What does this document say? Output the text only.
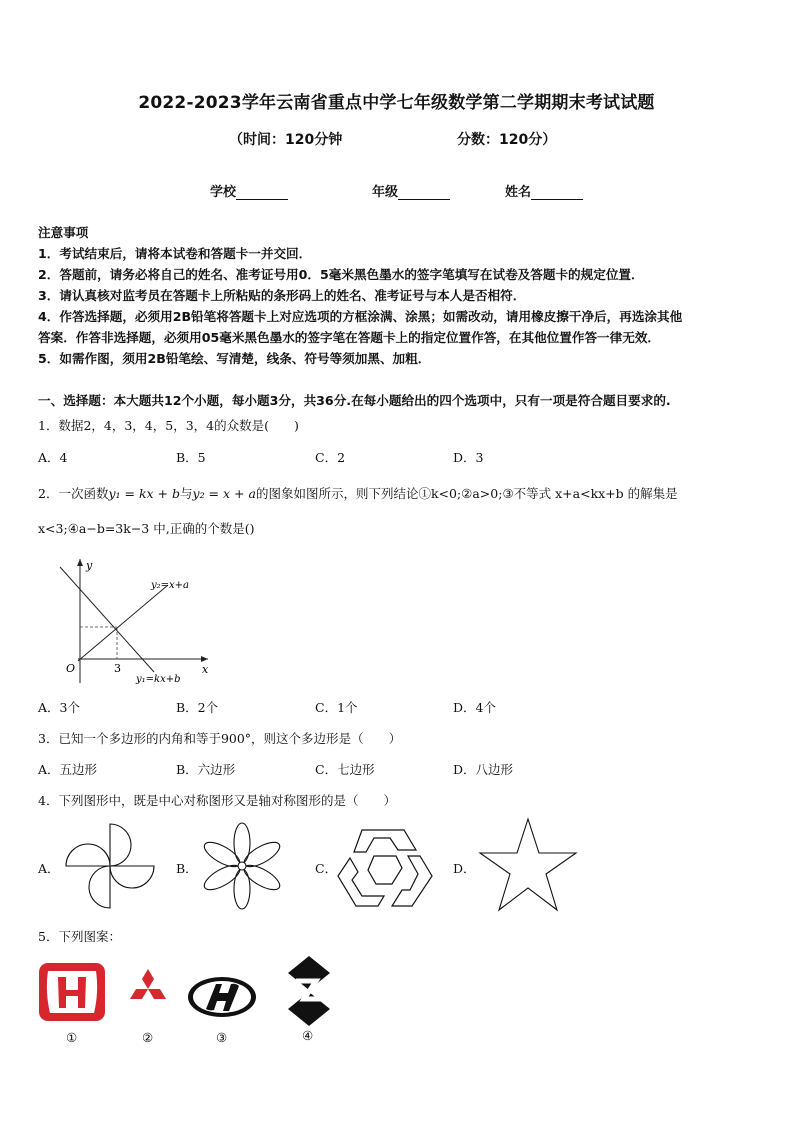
2022-2023学年云南省重点中学七年级数学第二学期期末考试试题
（时间：120分钟	分数：120分）
学校	年级	姓名
注意事项
1．考试结束后，请将本试卷和答题卡一并交回．
2．答题前，请务必将自己的姓名、准考证号用0．5毫米黑色墨水的签字笔填写在试卷及答题卡的规定位置．
3．请认真核对监考员在答题卡上所粘贴的条形码上的姓名、准考证号与本人是否相符．
4．作答选择题，必须用2B铅笔将答题卡上对应选项的方框涂满、涂黑；如需改动，请用橡皮擦干净后，再选涂其他
答案．作答非选择题，必须用05毫米黑色墨水的签字笔在答题卡上的指定位置作答，在其他位置作答一律无效．
5．如需作图，须用2B铅笔绘、写清楚，线条、符号等须加黑、加粗．
一、选择题：本大题共12个小题，每小题3分，共36分.在每小题给出的四个选项中，只有一项是符合题目要求的.
1．数据2，4，3，4，5，3，4的众数是(　　)
A．4	B．5	C．2	D．3
2．一次函数y₁ = kx + b与y₂ = x + a的图象如图所示，则下列结论①k<0;②a>0;③不等式 x+a<kx+b 的解集是
x<3;④a−b=3k−3 中,正确的个数是()
y
x
O	3
y₂=x+a
y₁=kx+b
A．3个	B．2个	C．1个	D．4个
3．已知一个多边形的内角和等于900°，则这个多边形是（　　）
A．五边形	B．六边形	C．七边形	D．八边形
4．下列图形中，既是中心对称图形又是轴对称图形的是（　　）
A．	B．	C．	D．
5．下列图案：
①	②	③	④
